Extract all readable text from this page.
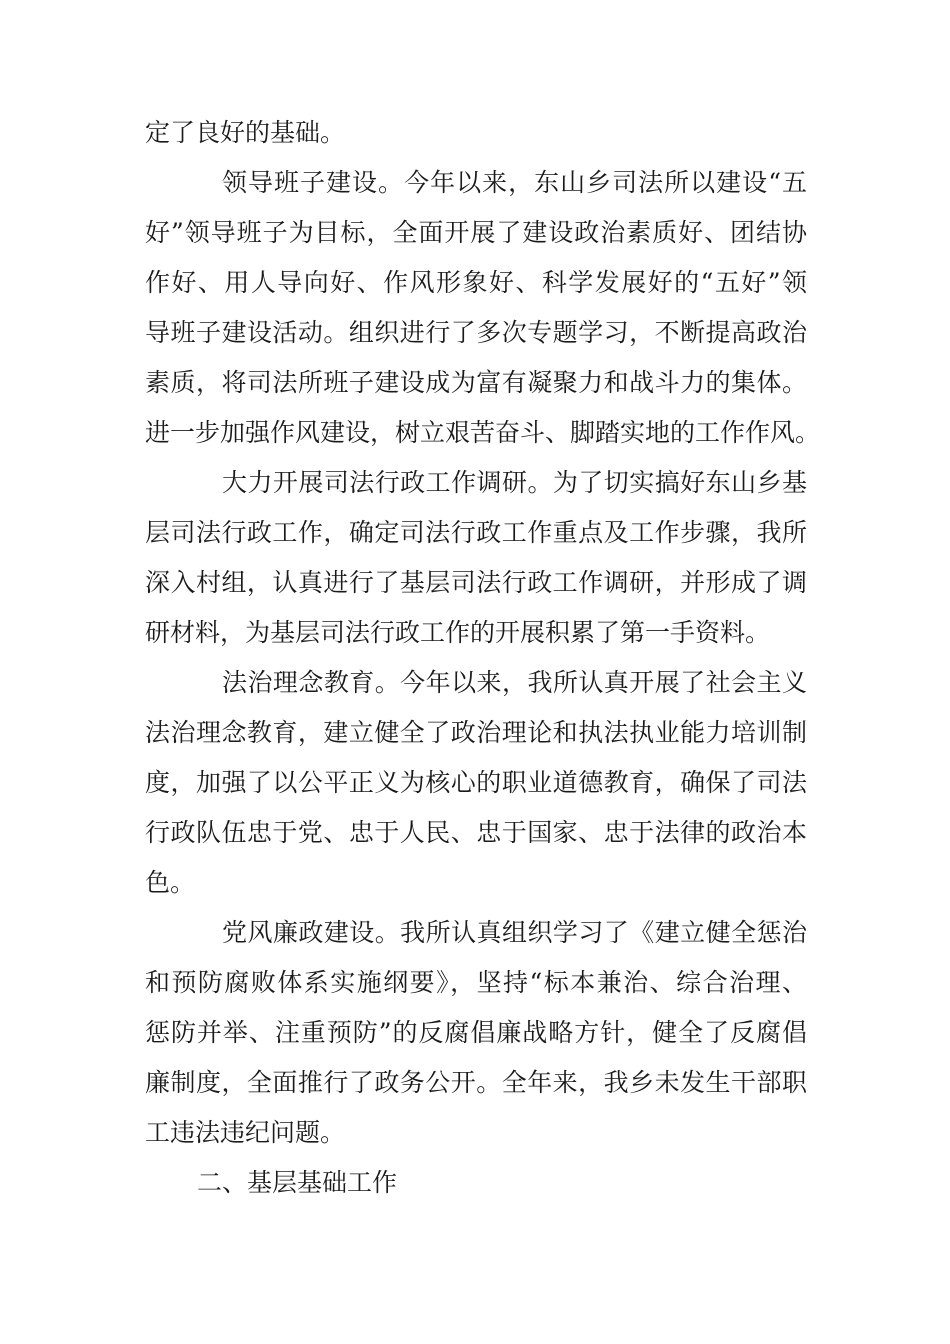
定了良好的基础。
领导班子建设。今年以来，东山乡司法所以建设“五
好”领导班子为目标，全面开展了建设政治素质好、团结协
作好、用人导向好、作风形象好、科学发展好的“五好”领
导班子建设活动。组织进行了多次专题学习，不断提高政治
素质，将司法所班子建设成为富有凝聚力和战斗力的集体。
进一步加强作风建设，树立艰苦奋斗、脚踏实地的工作作风。
大力开展司法行政工作调研。为了切实搞好东山乡基
层司法行政工作，确定司法行政工作重点及工作步骤，我所
深入村组，认真进行了基层司法行政工作调研，并形成了调
研材料，为基层司法行政工作的开展积累了第一手资料。
法治理念教育。今年以来，我所认真开展了社会主义
法治理念教育，建立健全了政治理论和执法执业能力培训制
度，加强了以公平正义为核心的职业道德教育，确保了司法
行政队伍忠于党、忠于人民、忠于国家、忠于法律的政治本
色。
党风廉政建设。我所认真组织学习了《建立健全惩治
和预防腐败体系实施纲要》，坚持“标本兼治、综合治理、
惩防并举、注重预防”的反腐倡廉战略方针，健全了反腐倡
廉制度，全面推行了政务公开。全年来，我乡未发生干部职
工违法违纪问题。
二、基层基础工作
